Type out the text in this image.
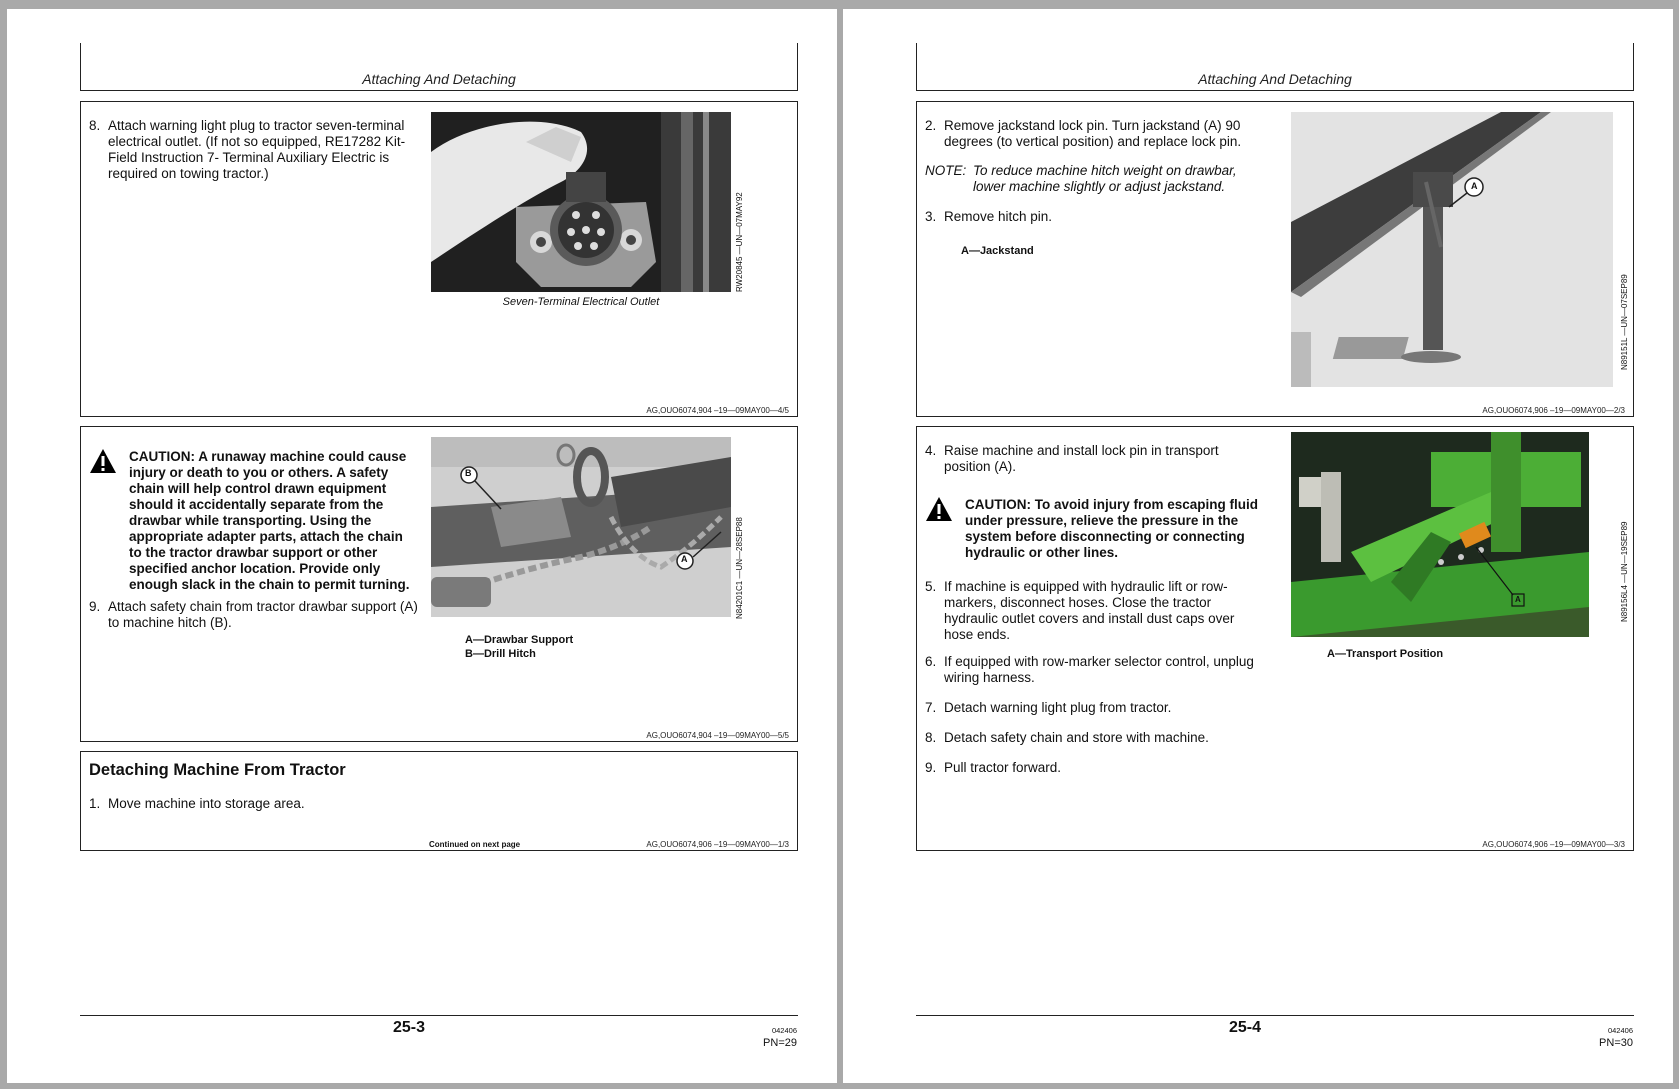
Attaching And Detaching
8. Attach warning light plug to tractor seven-terminal electrical outlet. (If not so equipped, RE17282 Kit-Field Instruction 7- Terminal Auxiliary Electric is required on towing tractor.)
RW20845 —UN—07MAY92
Seven-Terminal Electrical Outlet
AG,OUO6074,904 –19—09MAY00—4/5
CAUTION: A runaway machine could cause injury or death to you or others. A safety chain will help control drawn equipment should it accidentally separate from the drawbar while transporting. Using the appropriate adapter parts, attach the chain to the tractor drawbar support or other specified anchor location. Provide only enough slack in the chain to permit turning.
9. Attach safety chain from tractor drawbar support (A) to machine hitch (B).
B
A	N84201C1 —UN—28SEP88
A—Drawbar Support
B—Drill Hitch
AG,OUO6074,904 –19—09MAY00—5/5
Detaching Machine From Tractor
1. Move machine into storage area.
Continued on next page	AG,OUO6074,906 –19—09MAY00—1/3
25-3	042406
PN=29
Attaching And Detaching
2. Remove jackstand lock pin. Turn jackstand (A) 90 degrees (to vertical position) and replace lock pin.
NOTE: To reduce machine hitch weight on drawbar, lower machine slightly or adjust jackstand.
3. Remove hitch pin.
A—Jackstand
A
N89151L —UN—07SEP89
AG,OUO6074,906 –19—09MAY00—2/3
4. Raise machine and install lock pin in transport position (A).
CAUTION: To avoid injury from escaping fluid under pressure, relieve the pressure in the system before disconnecting or connecting hydraulic or other lines.
5. If machine is equipped with hydraulic lift or row-markers, disconnect hoses. Close the tractor hydraulic outlet covers and install dust caps over hose ends.
6. If equipped with row-marker selector control, unplug wiring harness.
7. Detach warning light plug from tractor.
8. Detach safety chain and store with machine.
9. Pull tractor forward.
A	N89156L4 —UN—19SEP89
A—Transport Position
AG,OUO6074,906 –19—09MAY00—3/3
25-4	042406
PN=30
